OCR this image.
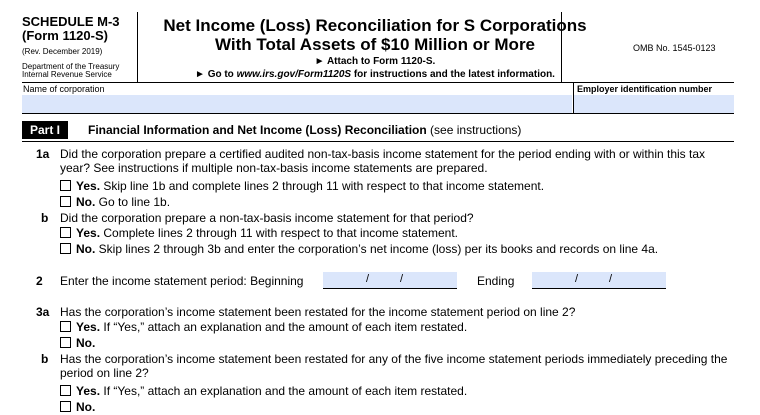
SCHEDULE M-3
(Form 1120-S)
(Rev. December 2019)
Department of the Treasury
Internal Revenue Service
Net Income (Loss) Reconciliation for S Corporations
With Total Assets of $10 Million or More
► Attach to Form 1120-S.
► Go to www.irs.gov/Form1120S for instructions and the latest information.
OMB No. 1545-0123
Name of corporation	Employer identification number
Part I	Financial Information and Net Income (Loss) Reconciliation (see instructions)
1a Did the corporation prepare a certified audited non-tax-basis income statement for the period ending with or within this tax year? See instructions if multiple non-tax-basis income statements are prepared.
Yes. Skip line 1b and complete lines 2 through 11 with respect to that income statement.
No. Go to line 1b.
b Did the corporation prepare a non-tax-basis income statement for that period?
Yes. Complete lines 2 through 11 with respect to that income statement.
No. Skip lines 2 through 3b and enter the corporation’s net income (loss) per its books and records on line 4a.
2 Enter the income statement period: Beginning	/	/	Ending	/	/
3a Has the corporation’s income statement been restated for the income statement period on line 2?
Yes. If “Yes,” attach an explanation and the amount of each item restated.
No.
b Has the corporation’s income statement been restated for any of the five income statement periods immediately preceding the period on line 2?
Yes. If “Yes,” attach an explanation and the amount of each item restated.
No.
